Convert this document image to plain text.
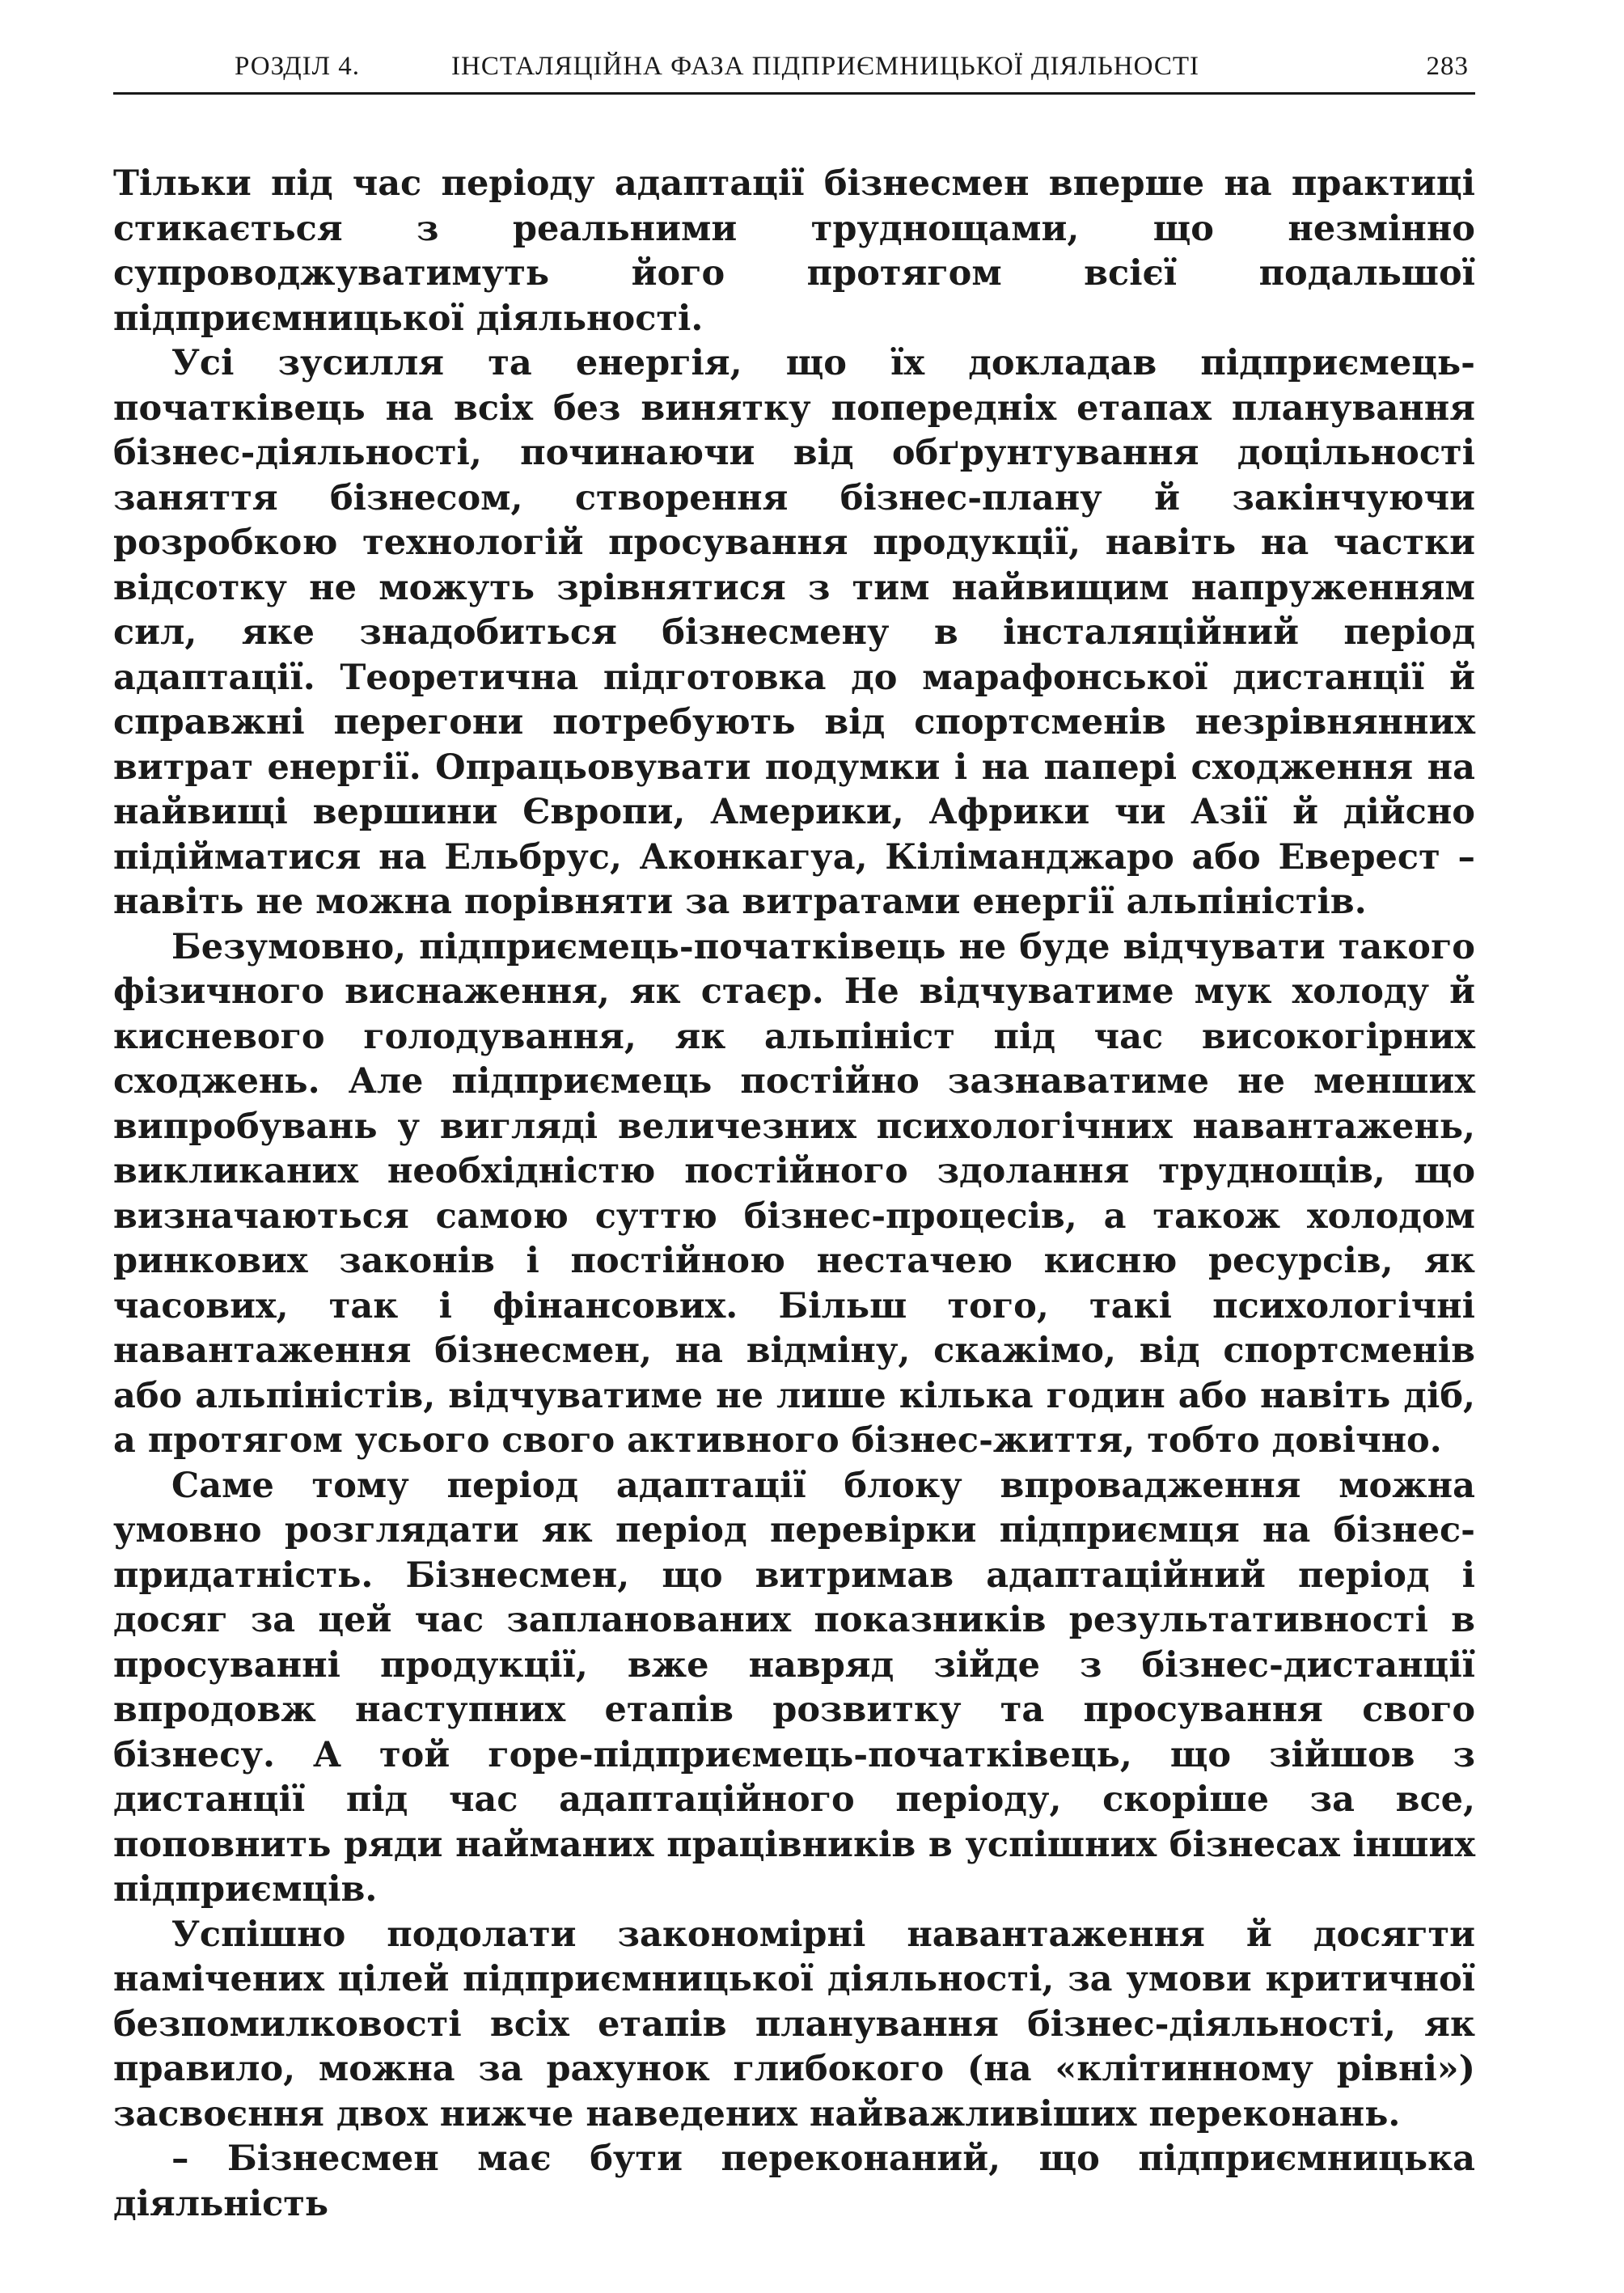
РОЗДІЛ 4.	ІНСТАЛЯЦІЙНА ФАЗА ПІДПРИЄМНИЦЬКОЇ ДІЯЛЬНОСТІ	283

Тільки під час періоду адаптації бізнесмен вперше на практиці стикається з реальними труднощами, що незмінно супроводжуватимуть його протягом всієї подальшої підприємницької діяльності.

Усі зусилля та енергія, що їх докладав підприємець-початківець на всіх без винятку попередніх етапах планування бізнес-діяльності, починаючи від обґрунтування доцільності заняття бізнесом, створення бізнес-плану й закінчуючи розробкою технологій просування продукції, навіть на частки відсотку не можуть зрівнятися з тим найвищим напруженням сил, яке знадобиться бізнесмену в інсталяційний період адаптації. Теоретична підготовка до марафонської дистанції й справжні перегони потребують від спортсменів незрівнянних витрат енергії. Опрацьовувати подумки і на папері сходження на найвищі вершини Європи, Америки, Африки чи Азії й дійсно підійматися на Ельбрус, Аконкагуа, Кіліманджаро або Еверест – навіть не можна порівняти за витратами енергії альпіністів.

Безумовно, підприємець-початківець не буде відчувати такого фізичного виснаження, як стаєр. Не відчуватиме мук холоду й кисневого голодування, як альпініст під час високогірних сходжень. Але підприємець постійно зазнаватиме не менших випробувань у вигляді величезних психологічних навантажень, викликаних необхідністю постійного здолання труднощів, що визначаються самою суттю бізнес-процесів, а також холодом ринкових законів і постійною нестачею кисню ресурсів, як часових, так і фінансових. Більш того, такі психологічні навантаження бізнесмен, на відміну, скажімо, від спортсменів або альпіністів, відчуватиме не лише кілька годин або навіть діб, а протягом усього свого активного бізнес-життя, тобто довічно.

Саме тому період адаптації блоку впровадження можна умовно розглядати як період перевірки підприємця на бізнес-придатність. Бізнесмен, що витримав адаптаційний період і досяг за цей час запланованих показників результативності в просуванні продукції, вже навряд зійде з бізнес-дистанції впродовж наступних етапів розвитку та просування свого бізнесу. А той горе-підприємець-початківець, що зійшов з дистанції під час адаптаційного періоду, скоріше за все, поповнить ряди найманих працівників в успішних бізнесах інших підприємців.

Успішно подолати закономірні навантаження й досягти намічених цілей підприємницької діяльності, за умови критичної безпомилковості всіх етапів планування бізнес-діяльності, як правило, можна за рахунок глибокого (на «клітинному рівні») засвоєння двох нижче наведених найважливіших переконань.

– Бізнесмен має бути переконаний, що підприємницька діяльність
